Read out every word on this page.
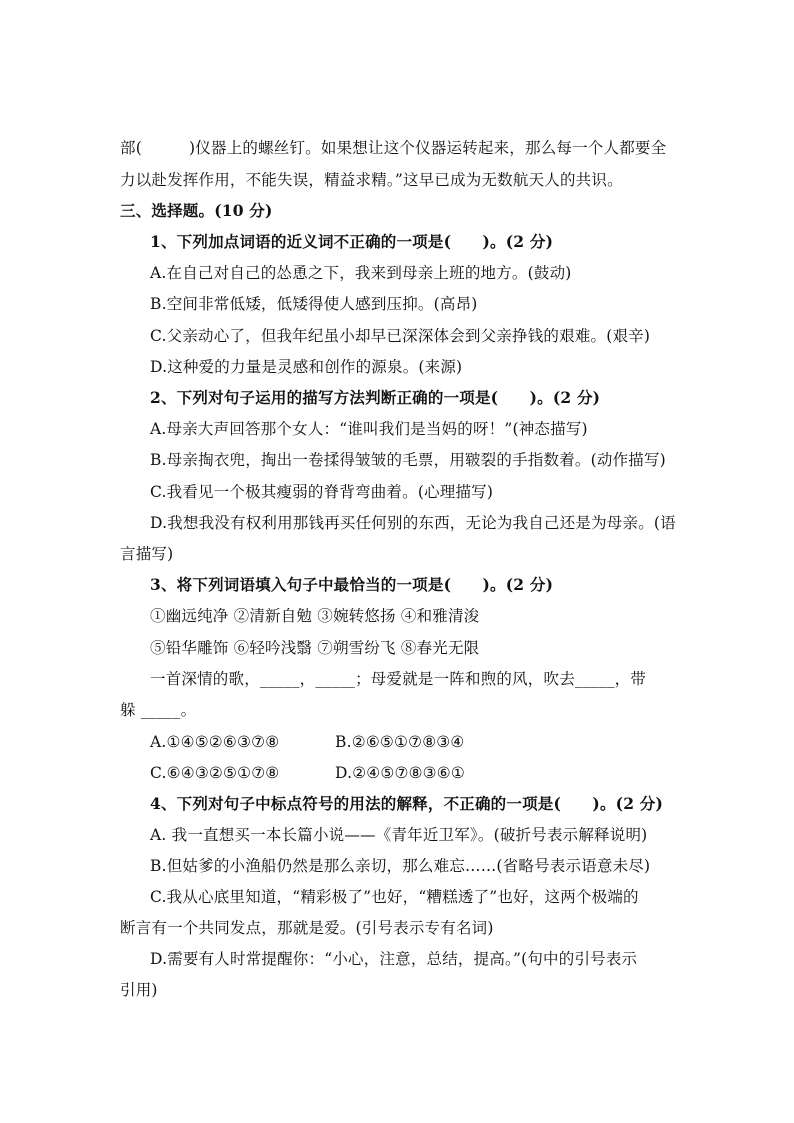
部(　　　)仪器上的螺丝钉。如果想让这个仪器运转起来，那么每一个人都要全
力以赴发挥作用，不能失误，精益求精。”这早已成为无数航天人的共识。
三、选择题。(10 分)
1、下列加点词语的近义词不正确的一项是(　　)。(2 分)
A.在自己对自己的怂恿之下，我来到母亲上班的地方。(鼓动)
B.空间非常低矮，低矮得使人感到压抑。(高昂)
C.父亲动心了，但我年纪虽小却早已深深体会到父亲挣钱的艰难。(艰辛)
D.这种爱的力量是灵感和创作的源泉。(来源)
2、下列对句子运用的描写方法判断正确的一项是(　　)。(2 分)
A.母亲大声回答那个女人：“谁叫我们是当妈的呀！”(神态描写)
B.母亲掏衣兜，掏出一卷揉得皱皱的毛票，用皲裂的手指数着。(动作描写)
C.我看见一个极其瘦弱的脊背弯曲着。(心理描写)
D.我想我没有权利用那钱再买任何别的东西，无论为我自己还是为母亲。(语
言描写)
3、将下列词语填入句子中最恰当的一项是(　　)。(2 分)
①幽远纯净 ②清新自勉 ③婉转悠扬 ④和雅清浚
⑤铅华雕饰 ⑥轻吟浅翳 ⑦朔雪纷飞 ⑧春光无限
一首深情的歌，_____，_____；母爱就是一阵和煦的风，吹去_____，带
躲 _____。
A.①④⑤②⑥③⑦⑧	B.②⑥⑤①⑦⑧③④
C.⑥④③②⑤①⑦⑧	D.②④⑤⑦⑧③⑥①
4、下列对句子中标点符号的用法的解释，不正确的一项是(　　)。(2 分)
A. 我一直想买一本长篇小说——《青年近卫军》。(破折号表示解释说明)
B.但姑爹的小渔船仍然是那么亲切，那么难忘……(省略号表示语意未尽)
C.我从心底里知道，“精彩极了”也好，“糟糕透了”也好，这两个极端的
断言有一个共同发点，那就是爱。(引号表示专有名词)
D.需要有人时常提醒你：“小心，注意，总结，提高。”(句中的引号表示
引用)
